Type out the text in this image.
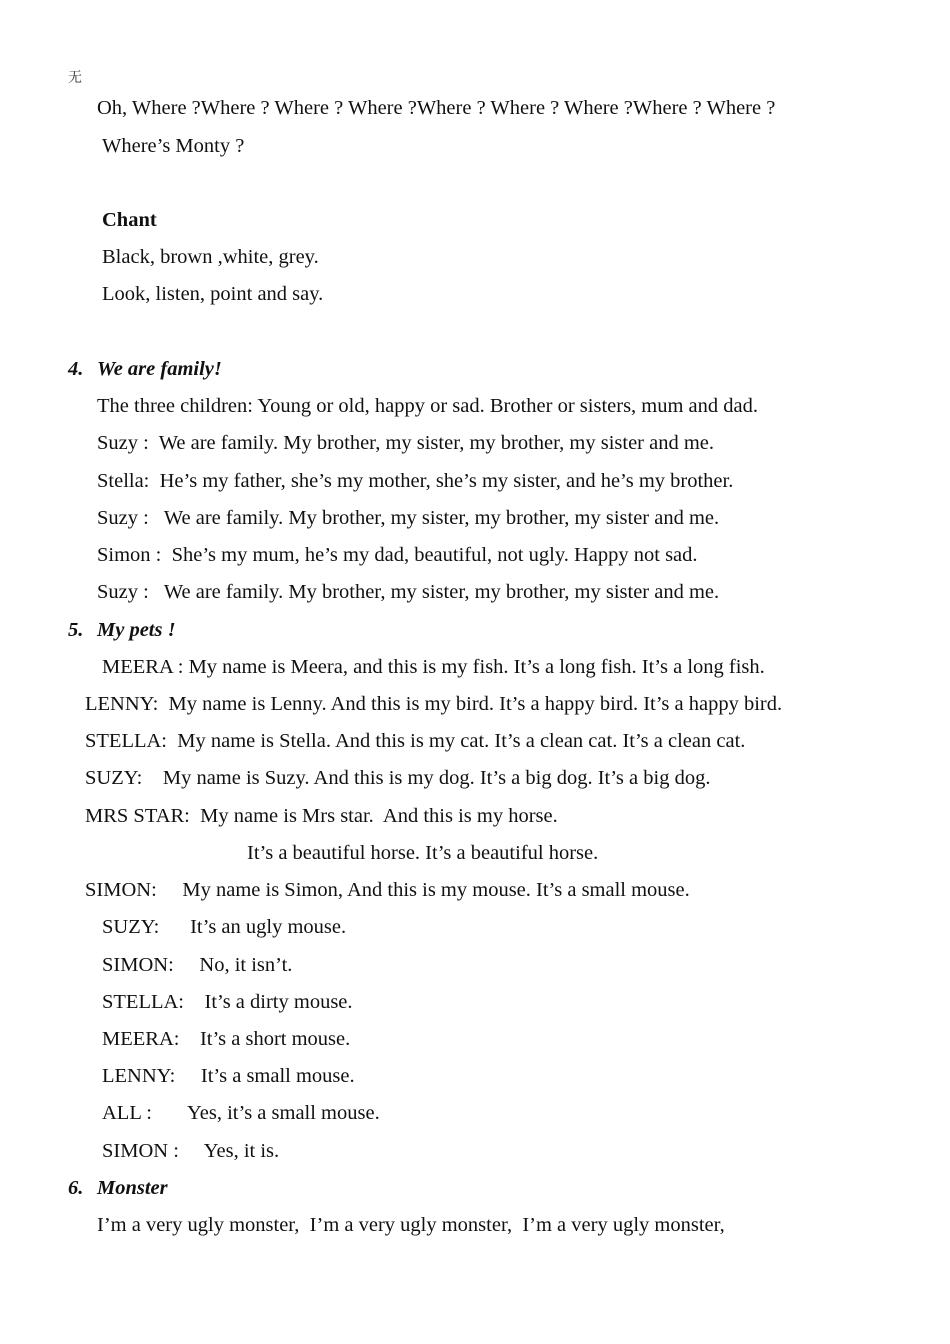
无
Oh, Where ?Where ? Where ? Where ?Where ? Where ? Where ?Where ? Where ?
Where’s Monty ?
Chant
Black, brown ,white, grey.
Look, listen, point and say.
4. We are family!
The three children: Young or old, happy or sad. Brother or sisters, mum and dad.
Suzy :  We are family. My brother, my sister, my brother, my sister and me.
Stella:  He’s my father, she’s my mother, she’s my sister, and he’s my brother.
Suzy :   We are family. My brother, my sister, my brother, my sister and me.
Simon :  She’s my mum, he’s my dad, beautiful, not ugly. Happy not sad.
Suzy :   We are family. My brother, my sister, my brother, my sister and me.
5. My pets !
MEERA : My name is Meera, and this is my fish. It’s a long fish. It’s a long fish.
LENNY:  My name is Lenny. And this is my bird. It’s a happy bird. It’s a happy bird.
STELLA:  My name is Stella. And this is my cat. It’s a clean cat. It’s a clean cat.
SUZY:    My name is Suzy. And this is my dog. It’s a big dog. It’s a big dog.
MRS STAR:  My name is Mrs star.  And this is my horse.
It’s a beautiful horse. It’s a beautiful horse.
SIMON:     My name is Simon, And this is my mouse. It’s a small mouse.
SUZY:      It’s an ugly mouse.
SIMON:     No, it isn’t.
STELLA:    It’s a dirty mouse.
MEERA:    It’s a short mouse.
LENNY:     It’s a small mouse.
ALL :       Yes, it’s a small mouse.
SIMON :     Yes, it is.
6. Monster
I’m a very ugly monster,  I’m a very ugly monster,  I’m a very ugly monster,
